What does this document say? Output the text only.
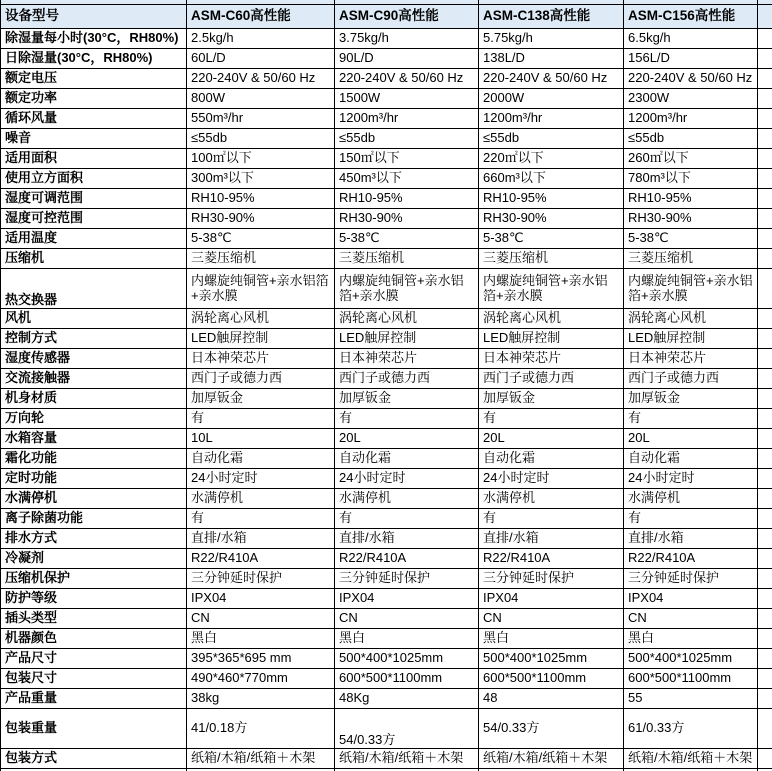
设备型号	ASM-C60高性能	ASM-C90高性能	ASM-C138高性能	ASM-C156高性能	
除湿量每小时(30°C，RH80%)	2.5kg/h	3.75kg/h	5.75kg/h	6.5kg/h	
日除湿量(30°C，RH80%)	60L/D	90L/D	138L/D	156L/D	
额定电压	220-240V & 50/60 Hz	220-240V & 50/60 Hz	220-240V & 50/60 Hz	220-240V & 50/60 Hz	
额定功率	800W	1500W	2000W	2300W	
循环风量	550m³/hr	1200m³/hr	1200m³/hr	1200m³/hr	
噪音	≤55db	≤55db	≤55db	≤55db	
适用面积	100㎡以下	150㎡以下	220㎡以下	260㎡以下	
使用立方面积	300m³以下	450m³以下	660m³以下	780m³以下	
湿度可调范围	RH10-95%	RH10-95%	RH10-95%	RH10-95%	
湿度可控范围	RH30-90%	RH30-90%	RH30-90%	RH30-90%	
适用温度	5-38℃	5-38℃	5-38℃	5-38℃	
压缩机	三菱压缩机	三菱压缩机	三菱压缩机	三菱压缩机	
热交换器	内螺旋纯铜管+亲水铝箔+亲水膜	内螺旋纯铜管+亲水铝箔+亲水膜	内螺旋纯铜管+亲水铝箔+亲水膜	内螺旋纯铜管+亲水铝箔+亲水膜	
风机	涡轮离心风机	涡轮离心风机	涡轮离心风机	涡轮离心风机	
控制方式	LED触屏控制	LED触屏控制	LED触屏控制	LED触屏控制	
湿度传感器	日本神荣芯片	日本神荣芯片	日本神荣芯片	日本神荣芯片	
交流接触器	西门子或德力西	西门子或德力西	西门子或德力西	西门子或德力西	
机身材质	加厚钣金	加厚钣金	加厚钣金	加厚钣金	
万向轮	有	有	有	有	
水箱容量	10L	20L	20L	20L	
霜化功能	自动化霜	自动化霜	自动化霜	自动化霜	
定时功能	24小时定时	24小时定时	24小时定时	24小时定时	
水满停机	水满停机	水满停机	水满停机	水满停机	
离子除菌功能	有	有	有	有	
排水方式	直排/水箱	直排/水箱	直排/水箱	直排/水箱	
冷凝剂	R22/R410A	R22/R410A	R22/R410A	R22/R410A	
压缩机保护	三分钟延时保护	三分钟延时保护	三分钟延时保护	三分钟延时保护	
防护等级	IPX04	IPX04	IPX04	IPX04	
插头类型	CN	CN	CN	CN	
机器颜色	黑白	黑白	黑白	黑白	
产品尺寸	395*365*695 mm	500*400*1025mm	500*400*1025mm	500*400*1025mm	
包装尺寸	490*460*770mm	600*500*1100mm	600*500*1100mm	600*500*1100mm	
产品重量	38kg	48Kg	48	55	
包装重量	41/0.18方	54/0.33方	54/0.33方	61/0.33方	
包装方式	纸箱/木箱/纸箱＋木架	纸箱/木箱/纸箱＋木架	纸箱/木箱/纸箱＋木架	纸箱/木箱/纸箱＋木架	
